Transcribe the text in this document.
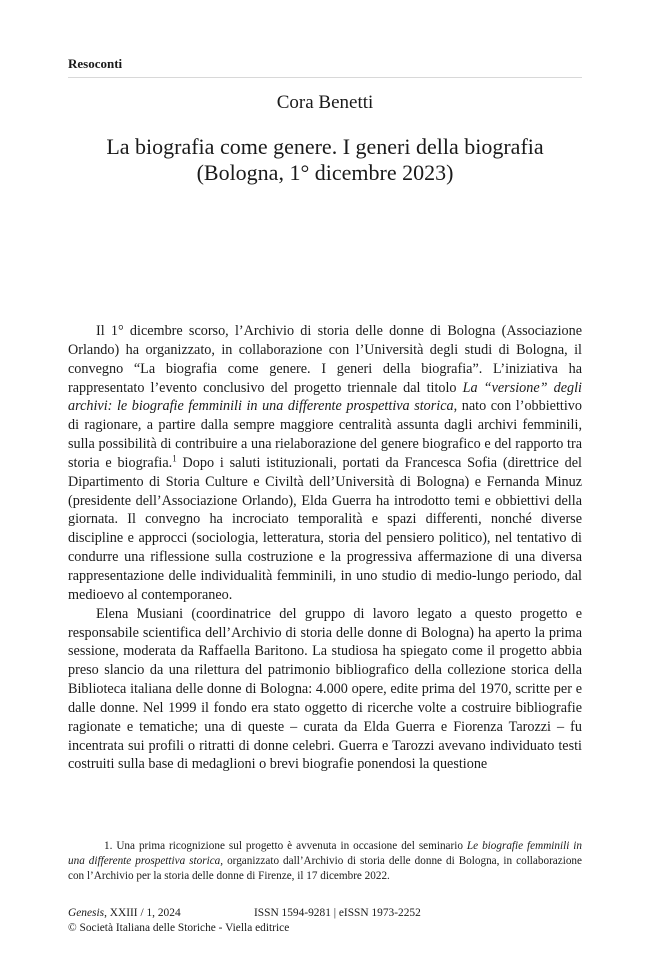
Resoconti
Cora Benetti
La biografia come genere. I generi della biografia
(Bologna, 1° dicembre 2023)

Il 1° dicembre scorso, l’Archivio di storia delle donne di Bologna (Associazione Orlando) ha organizzato, in collaborazione con l’Università degli studi di Bologna, il convegno “La biografia come genere. I generi della biografia”. L’iniziativa ha rappresentato l’evento conclusivo del progetto triennale dal titolo La “versione” degli archivi: le biografie femminili in una differente prospettiva storica, nato con l’obbiettivo di ragionare, a partire dalla sempre maggiore centralità assunta dagli archivi femminili, sulla possibilità di contribuire a una rielaborazione del genere biografico e del rapporto tra storia e biografia.$^1$ Dopo i saluti istituzionali, portati da Francesca Sofia (direttrice del Dipartimento di Storia Culture e Civiltà dell’Università di Bologna) e Fernanda Minuz (presidente dell’Associazione Orlando), Elda Guerra ha introdotto temi e obbiettivi della giornata. Il convegno ha incrociato temporalità e spazi differenti, nonché diverse discipline e approcci (sociologia, letteratura, storia del pensiero politico), nel tentativo di condurre una riflessione sulla costruzione e la progressiva affermazione di una diversa rappresentazione delle individualità femminili, in uno studio di medio-lungo periodo, dal medioevo al contemporaneo.

Elena Musiani (coordinatrice del gruppo di lavoro legato a questo progetto e responsabile scientifica dell’Archivio di storia delle donne di Bologna) ha aperto la prima sessione, moderata da Raffaella Baritono. La studiosa ha spiegato come il progetto abbia preso slancio da una rilettura del patrimonio bibliografico della collezione storica della Biblioteca italiana delle donne di Bologna: 4.000 opere, edite prima del 1970, scritte per e dalle donne. Nel 1999 il fondo era stato oggetto di ricerche volte a costruire bibliografie ragionate e tematiche; una di queste – curata da Elda Guerra e Fiorenza Tarozzi – fu incentrata sui profili o ritratti di donne celebri. Guerra e Tarozzi avevano individuato testi costruiti sulla base di medaglioni o brevi biografie ponendosi la questione

1. Una prima ricognizione sul progetto è avvenuta in occasione del seminario Le biografie femminili in una differente prospettiva storica, organizzato dall’Archivio di storia delle donne di Bologna, in collaborazione con l’Archivio per la storia delle donne di Firenze, il 17 dicembre 2022.

Genesis, XXIII / 1, 2024	ISSN 1594-9281 | eISSN 1973-2252
© Società Italiana delle Storiche - Viella editrice
